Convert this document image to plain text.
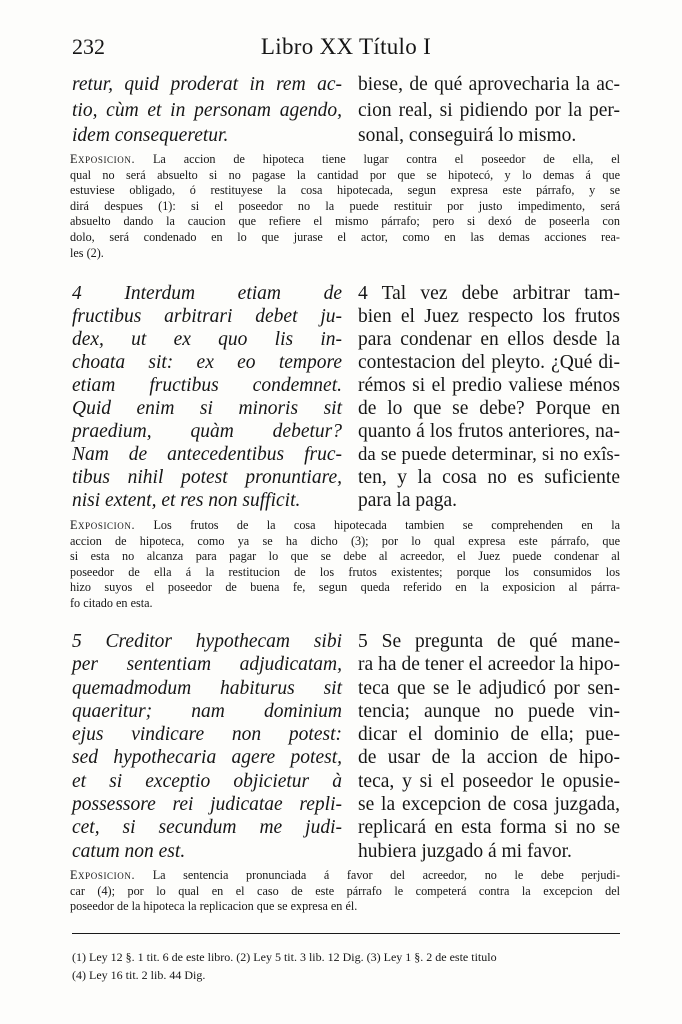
232	Libro XX Título I
retur, quid proderat in rem ac-
tio, cùm et in personam agendo,
idem consequeretur.
biese, de qué aprovecharia la ac-
cion real, si pidiendo por la per-
sonal, conseguirá lo mismo.
Exposicion. La accion de hipoteca tiene lugar contra el poseedor de ella, el
qual no será absuelto si no pagase la cantidad por que se hipotecó, y lo demas á que
estuviese obligado, ó restituyese la cosa hipotecada, segun expresa este párrafo, y se
dirá despues (1): si el poseedor no la puede restituir por justo impedimento, será
absuelto dando la caucion que refiere el mismo párrafo; pero si dexó de poseerla con
dolo, será condenado en lo que jurase el actor, como en las demas acciones rea-
les (2).
4 Interdum etiam de
fructibus arbitrari debet ju-
dex, ut ex quo lis in-
choata sit: ex eo tempore
etiam fructibus condemnet.
Quid enim si minoris sit
praedium, quàm debetur?
Nam de antecedentibus fruc-
tibus nihil potest pronuntiare,
nisi extent, et res non sufficit.
4 Tal vez debe arbitrar tam-
bien el Juez respecto los frutos
para condenar en ellos desde la
contestacion del pleyto. ¿Qué di-
rémos si el predio valiese ménos
de lo que se debe? Porque en
quanto á los frutos anteriores, na-
da se puede determinar, si no exîs-
ten, y la cosa no es suficiente
para la paga.
Exposicion. Los frutos de la cosa hipotecada tambien se comprehenden en la
accion de hipoteca, como ya se ha dicho (3); por lo qual expresa este párrafo, que
si esta no alcanza para pagar lo que se debe al acreedor, el Juez puede condenar al
poseedor de ella á la restitucion de los frutos existentes; porque los consumidos los
hizo suyos el poseedor de buena fe, segun queda referido en la exposicion al párra-
fo citado en esta.
5 Creditor hypothecam sibi
per sententiam adjudicatam,
quemadmodum habiturus sit
quaeritur; nam dominium
ejus vindicare non potest:
sed hypothecaria agere potest,
et si exceptio objicietur à
possessore rei judicatae repli-
cet, si secundum me judi-
catum non est.
5 Se pregunta de qué mane-
ra ha de tener el acreedor la hipo-
teca que se le adjudicó por sen-
tencia; aunque no puede vin-
dicar el dominio de ella; pue-
de usar de la accion de hipo-
teca, y si el poseedor le opusie-
se la excepcion de cosa juzgada,
replicará en esta forma si no se
hubiera juzgado á mi favor.
Exposicion. La sentencia pronunciada á favor del acreedor, no le debe perjudi-
car (4); por lo qual en el caso de este párrafo le competerá contra la excepcion del
poseedor de la hipoteca la replicacion que se expresa en él.
(1) Ley 12 §. 1 tit. 6 de este libro. (2) Ley 5 tit. 3 lib. 12 Dig. (3) Ley 1 §. 2 de este titulo
(4) Ley 16 tit. 2 lib. 44 Dig.
